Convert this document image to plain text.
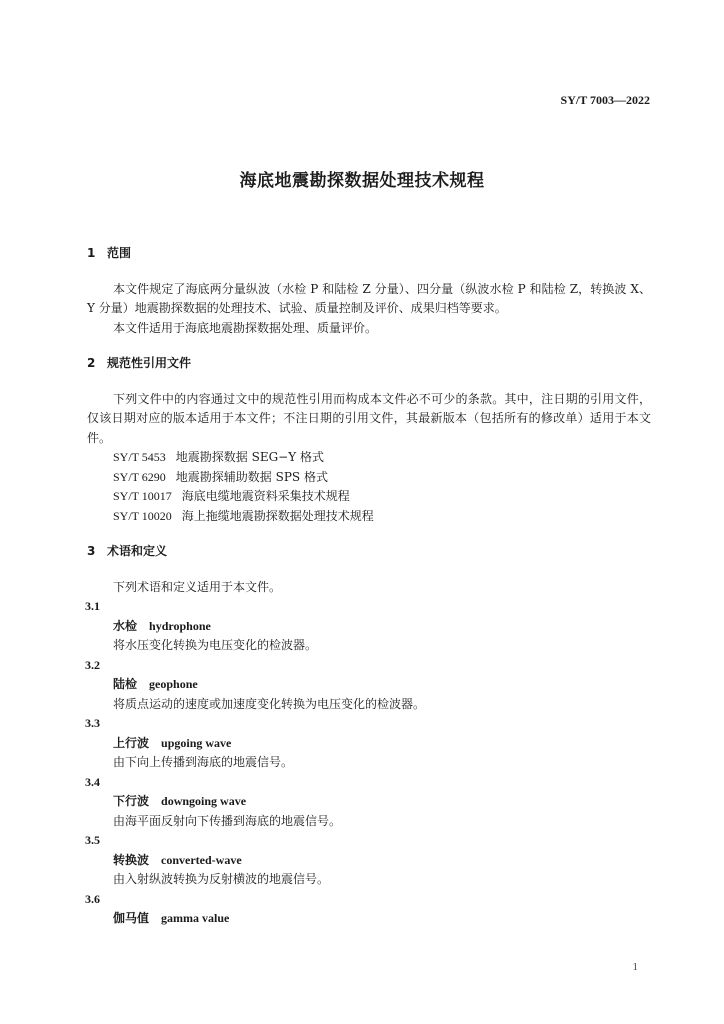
SY/T 7003—2022
海底地震勘探数据处理技术规程
1 范围

本文件规定了海底两分量纵波（水检 P 和陆检 Z 分量）、四分量（纵波水检 P 和陆检 Z，转换波 X、Y 分量）地震勘探数据的处理技术、试验、质量控制及评价、成果归档等要求。

本文件适用于海底地震勘探数据处理、质量评价。

2 规范性引用文件

下列文件中的内容通过文中的规范性引用而构成本文件必不可少的条款。其中，注日期的引用文件，仅该日期对应的版本适用于本文件；不注日期的引用文件，其最新版本（包括所有的修改单）适用于本文件。

SY/T 5453 地震勘探数据 SEG−Y 格式
SY/T 6290 地震勘探辅助数据 SPS 格式
SY/T 10017 海底电缆地震资料采集技术规程
SY/T 10020 海上拖缆地震勘探数据处理技术规程
3 术语和定义

下列术语和定义适用于本文件。

3.1
水检 hydrophone
将水压变化转换为电压变化的检波器。
3.2
陆检 geophone
将质点运动的速度或加速度变化转换为电压变化的检波器。
3.3
上行波 upgoing wave
由下向上传播到海底的地震信号。
3.4
下行波 downgoing wave
由海平面反射向下传播到海底的地震信号。
3.5
转换波 converted-wave
由入射纵波转换为反射横波的地震信号。
3.6
伽马值 gamma value
1
